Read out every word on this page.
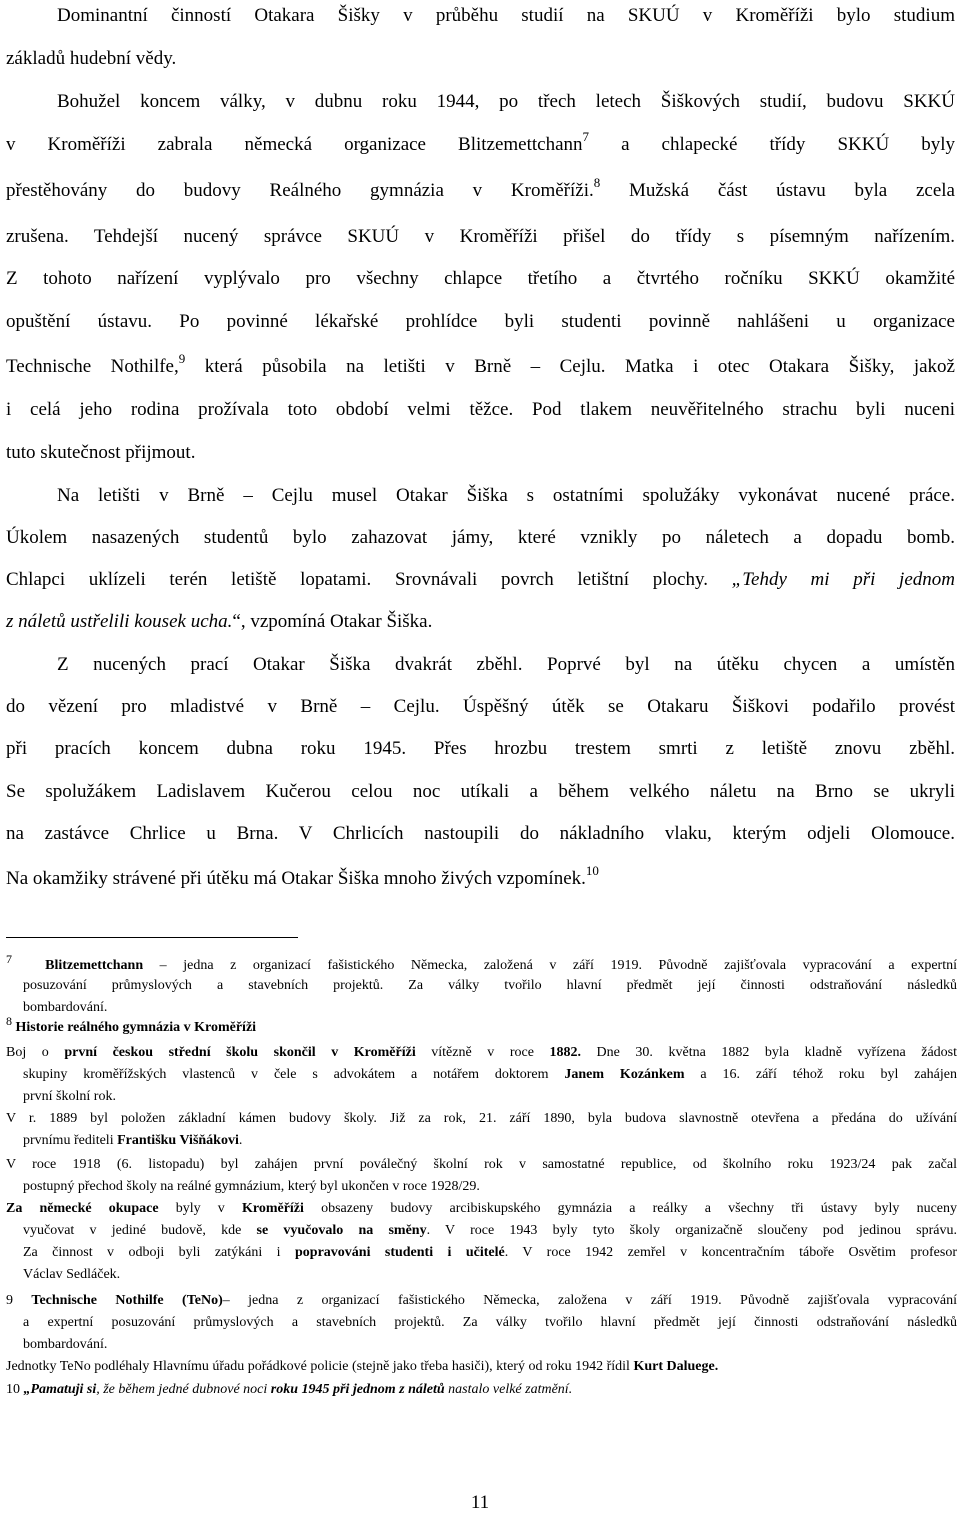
Dominantní činností Otakara Šišky v průběhu studií na SKUÚ v Kroměříži bylo studium
základů hudební vědy.
Bohužel koncem války, v dubnu roku 1944, po třech letech Šiškových studií, budovu SKKÚ
v Kroměříži zabrala německá organizace Blitzemettchann$^7$ a chlapecké třídy SKKÚ byly
přestěhovány do budovy Reálného gymnázia v Kroměříži.$^8$ Mužská část ústavu byla zcela
zrušena. Tehdejší nucený správce SKUÚ v Kroměříži přišel do třídy s písemným nařízením.
Z tohoto nařízení vyplývalo pro všechny chlapce třetího a čtvrtého ročníku SKKÚ okamžité
opuštění ústavu. Po povinné lékařské prohlídce byli studenti povinně nahlášeni u organizace
Technische Nothilfe,$^9$ která působila na letišti v Brně – Cejlu. Matka i otec Otakara Šišky, jakož
i celá jeho rodina prožívala toto období velmi těžce. Pod tlakem neuvěřitelného strachu byli nuceni
tuto skutečnost přijmout.
Na letišti v Brně – Cejlu musel Otakar Šiška s ostatními spolužáky vykonávat nucené práce.
Úkolem nasazených studentů bylo zahazovat jámy, které vznikly po náletech a dopadu bomb.
Chlapci uklízeli terén letiště lopatami. Srovnávali povrch letištní plochy. „Tehdy mi při jednom
z náletů ustřelili kousek ucha.“, vzpomíná Otakar Šiška.
Z nucených prací Otakar Šiška dvakrát zběhl. Poprvé byl na útěku chycen a umístěn
do vězení pro mladistvé v Brně – Cejlu. Úspěšný útěk se Otakaru Šiškovi podařilo provést
při pracích koncem dubna roku 1945. Přes hrozbu trestem smrti z letiště znovu zběhl.
Se spolužákem Ladislavem Kučerou celou noc utíkali a během velkého náletu na Brno se ukryli
na zastávce Chrlice u Brna. V Chrlicích nastoupili do nákladního vlaku, kterým odjeli Olomouce.
Na okamžiky strávené při útěku má Otakar Šiška mnoho živých vzpomínek.$^{10}$
7 Blitzemettchann – jedna z organizací fašistického Německa, založená v září 1919. Původně zajišťovala vypracování a expertní
posuzování průmyslových a stavebních projektů. Za války tvořilo hlavní předmět její činnosti odstraňování následků
bombardování.
8 Historie reálného gymnázia v Kroměříži
Boj o první českou střední školu skončil v Kroměříži vítězně v roce 1882. Dne 30. května 1882 byla kladně vyřízena žádost
skupiny kroměřížských vlastenců v čele s advokátem a notářem doktorem Janem Kozánkem a 16. září téhož roku byl zahájen
první školní rok.
V r. 1889 byl položen základní kámen budovy školy. Již za rok, 21. září 1890, byla budova slavnostně otevřena a předána do užívání
prvnímu řediteli Františku Višňákovi.
V roce 1918 (6. listopadu) byl zahájen první poválečný školní rok v samostatné republice, od školního roku 1923/24 pak začal
postupný přechod školy na reálné gymnázium, který byl ukončen v roce 1928/29.
Za německé okupace byly v Kroměříži obsazeny budovy arcibiskupského gymnázia a reálky a všechny tři ústavy byly nuceny
vyučovat v jediné budově, kde se vyučovalo na směny. V roce 1943 byly tyto školy organizačně sloučeny pod jedinou správu.
Za činnost v odboji byli zatýkáni i popravováni studenti i učitelé. V roce 1942 zemřel v koncentračním tábořе Osvětim profesor
Václav Sedláček.
9 Technische Nothilfe (TeNo)– jedna z organizací fašistického Německa, založena v září 1919. Původně zajišťovala vypracování
a expertní posuzování průmyslových a stavebních projektů. Za války tvořilo hlavní předmět její činnosti odstraňování následků
bombardování.
Jednotky TeNo podléhaly Hlavnímu úřadu pořádkové policie (stejně jako třeba hasiči), který od roku 1942 řídil Kurt Daluege.
10 „Pamatuji si, že během jedné dubnové noci roku 1945 při jednom z náletů nastalo velké zatmění.
11
